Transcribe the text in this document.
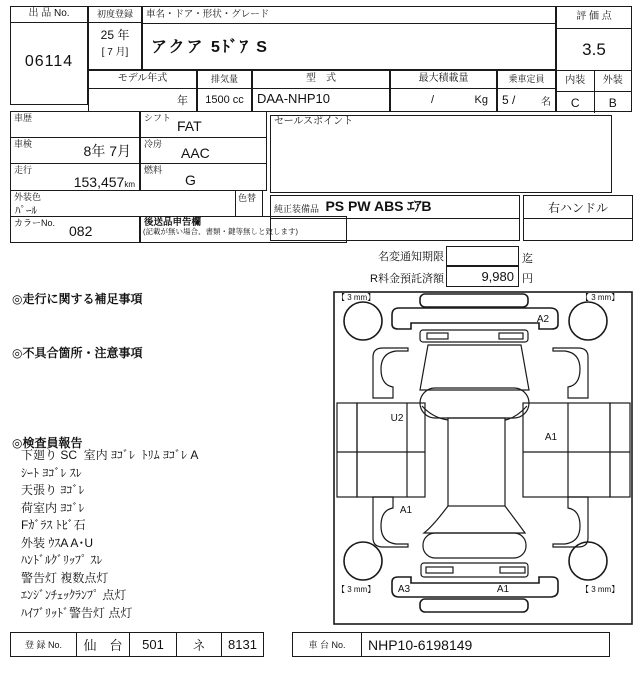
出 品 No.
06114
初度登録
25 年
[ 7 月]
車名・ドア・形状・グレード
アクア 5ﾄﾞｱ S
モデル年式
年
排気量
1500 cc
型　式
DAA-NHP10
最大積載量
/	Kg
乗車定員
5 /	名
評 価 点
3.5
内装	外装
C	B
車歴
車検	8年 7月
走行
153,457 km
シフト FAT
冷房
AAC
燃料
G
外装色
ﾊﾟｰﾙ
色替
カラーNo. 082
後送品申告欄
(記載が無い場合、書類・鍵等無しと致します)
セールスポイント
純正装備品 PS PW ABS ｴｱB	右ハンドル
名変通知期限	迄
R料金預託済額	9,980 円
◎走行に関する補足事項
◎不具合箇所・注意事項
◎検査員報告
下廻り SC  室内 ﾖｺﾞﾚ  ﾄﾘﾑ ﾖｺﾞﾚ A
ｼｰﾄ ﾖｺﾞﾚ ｽﾚ
天張り ﾖｺﾞﾚ
荷室内 ﾖｺﾞﾚ
Fｶﾞﾗｽ ﾄﾋﾞ石
外装 ｳｽA A･U
ﾊﾝﾄﾞﾙｸﾞﾘｯﾌﾟ ｽﾚ
警告灯 複数点灯
ｴﾝｼﾞﾝﾁｪｯｸﾗﾝﾌﾟ 点灯
ﾊｲﾌﾞﾘｯﾄﾞ警告灯 点灯
【 3 mm】	【 3 mm】
【 3 mm】	【 3 mm】
A2
U2
A1
A1
A3	A1
登 録 No.	仙　台	501	ネ	8131	車 台 No.	NHP10-6198149
